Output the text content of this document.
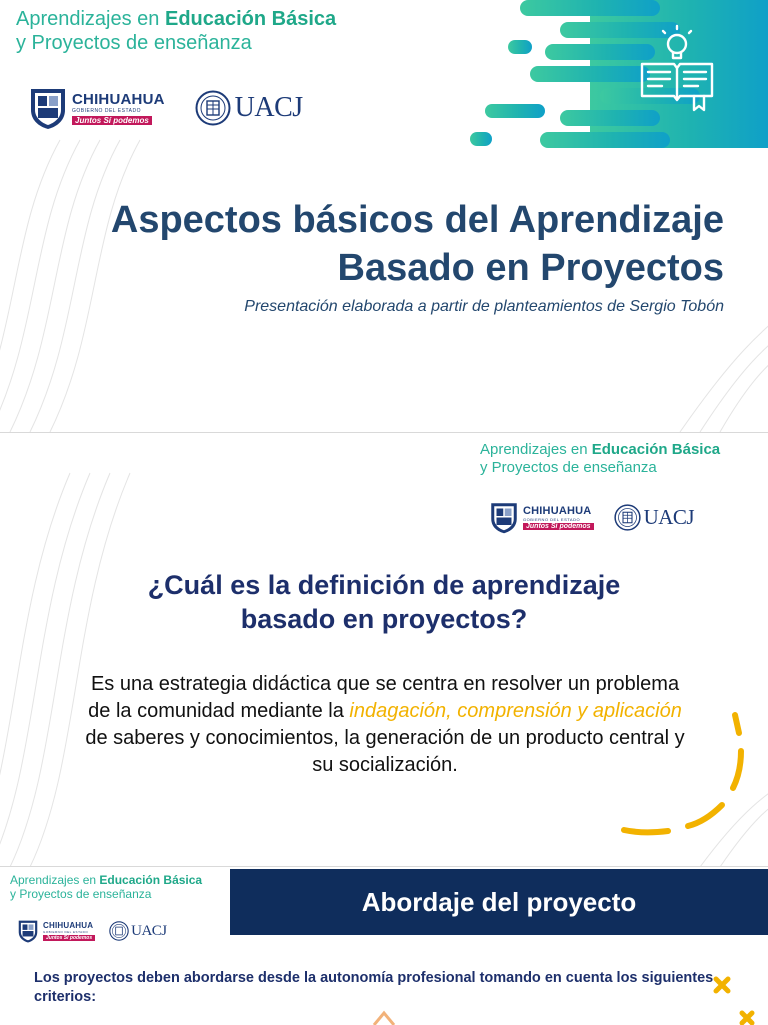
Aprendizajes en Educación Básica
y Proyectos de enseñanza
CHIHUAHUA
GOBIERNO DEL ESTADO
Juntos Sí podemos	UACJ
Aspectos básicos del Aprendizaje
Basado en Proyectos
Presentación elaborada a partir de planteamientos de Sergio Tobón
Aprendizajes en Educación Básica
y Proyectos de enseñanza
CHIHUAHUA
GOBIERNO DEL ESTADO
Juntos Sí podemos	UACJ
¿Cuál es la definición de aprendizaje
basado en proyectos?
Es una estrategia didáctica que se centra en resolver un problema de la comunidad mediante la indagación, comprensión y aplicación de saberes y conocimientos, la generación de un producto central y su socialización.
Aprendizajes en Educación Básica
y Proyectos de enseñanza
CHIHUAHUA
GOBIERNO DEL ESTADO
Juntos Sí podemos	UACJ
Abordaje del proyecto
Los proyectos deben abordarse desde la autonomía profesional tomando en cuenta los siguientes criterios:
